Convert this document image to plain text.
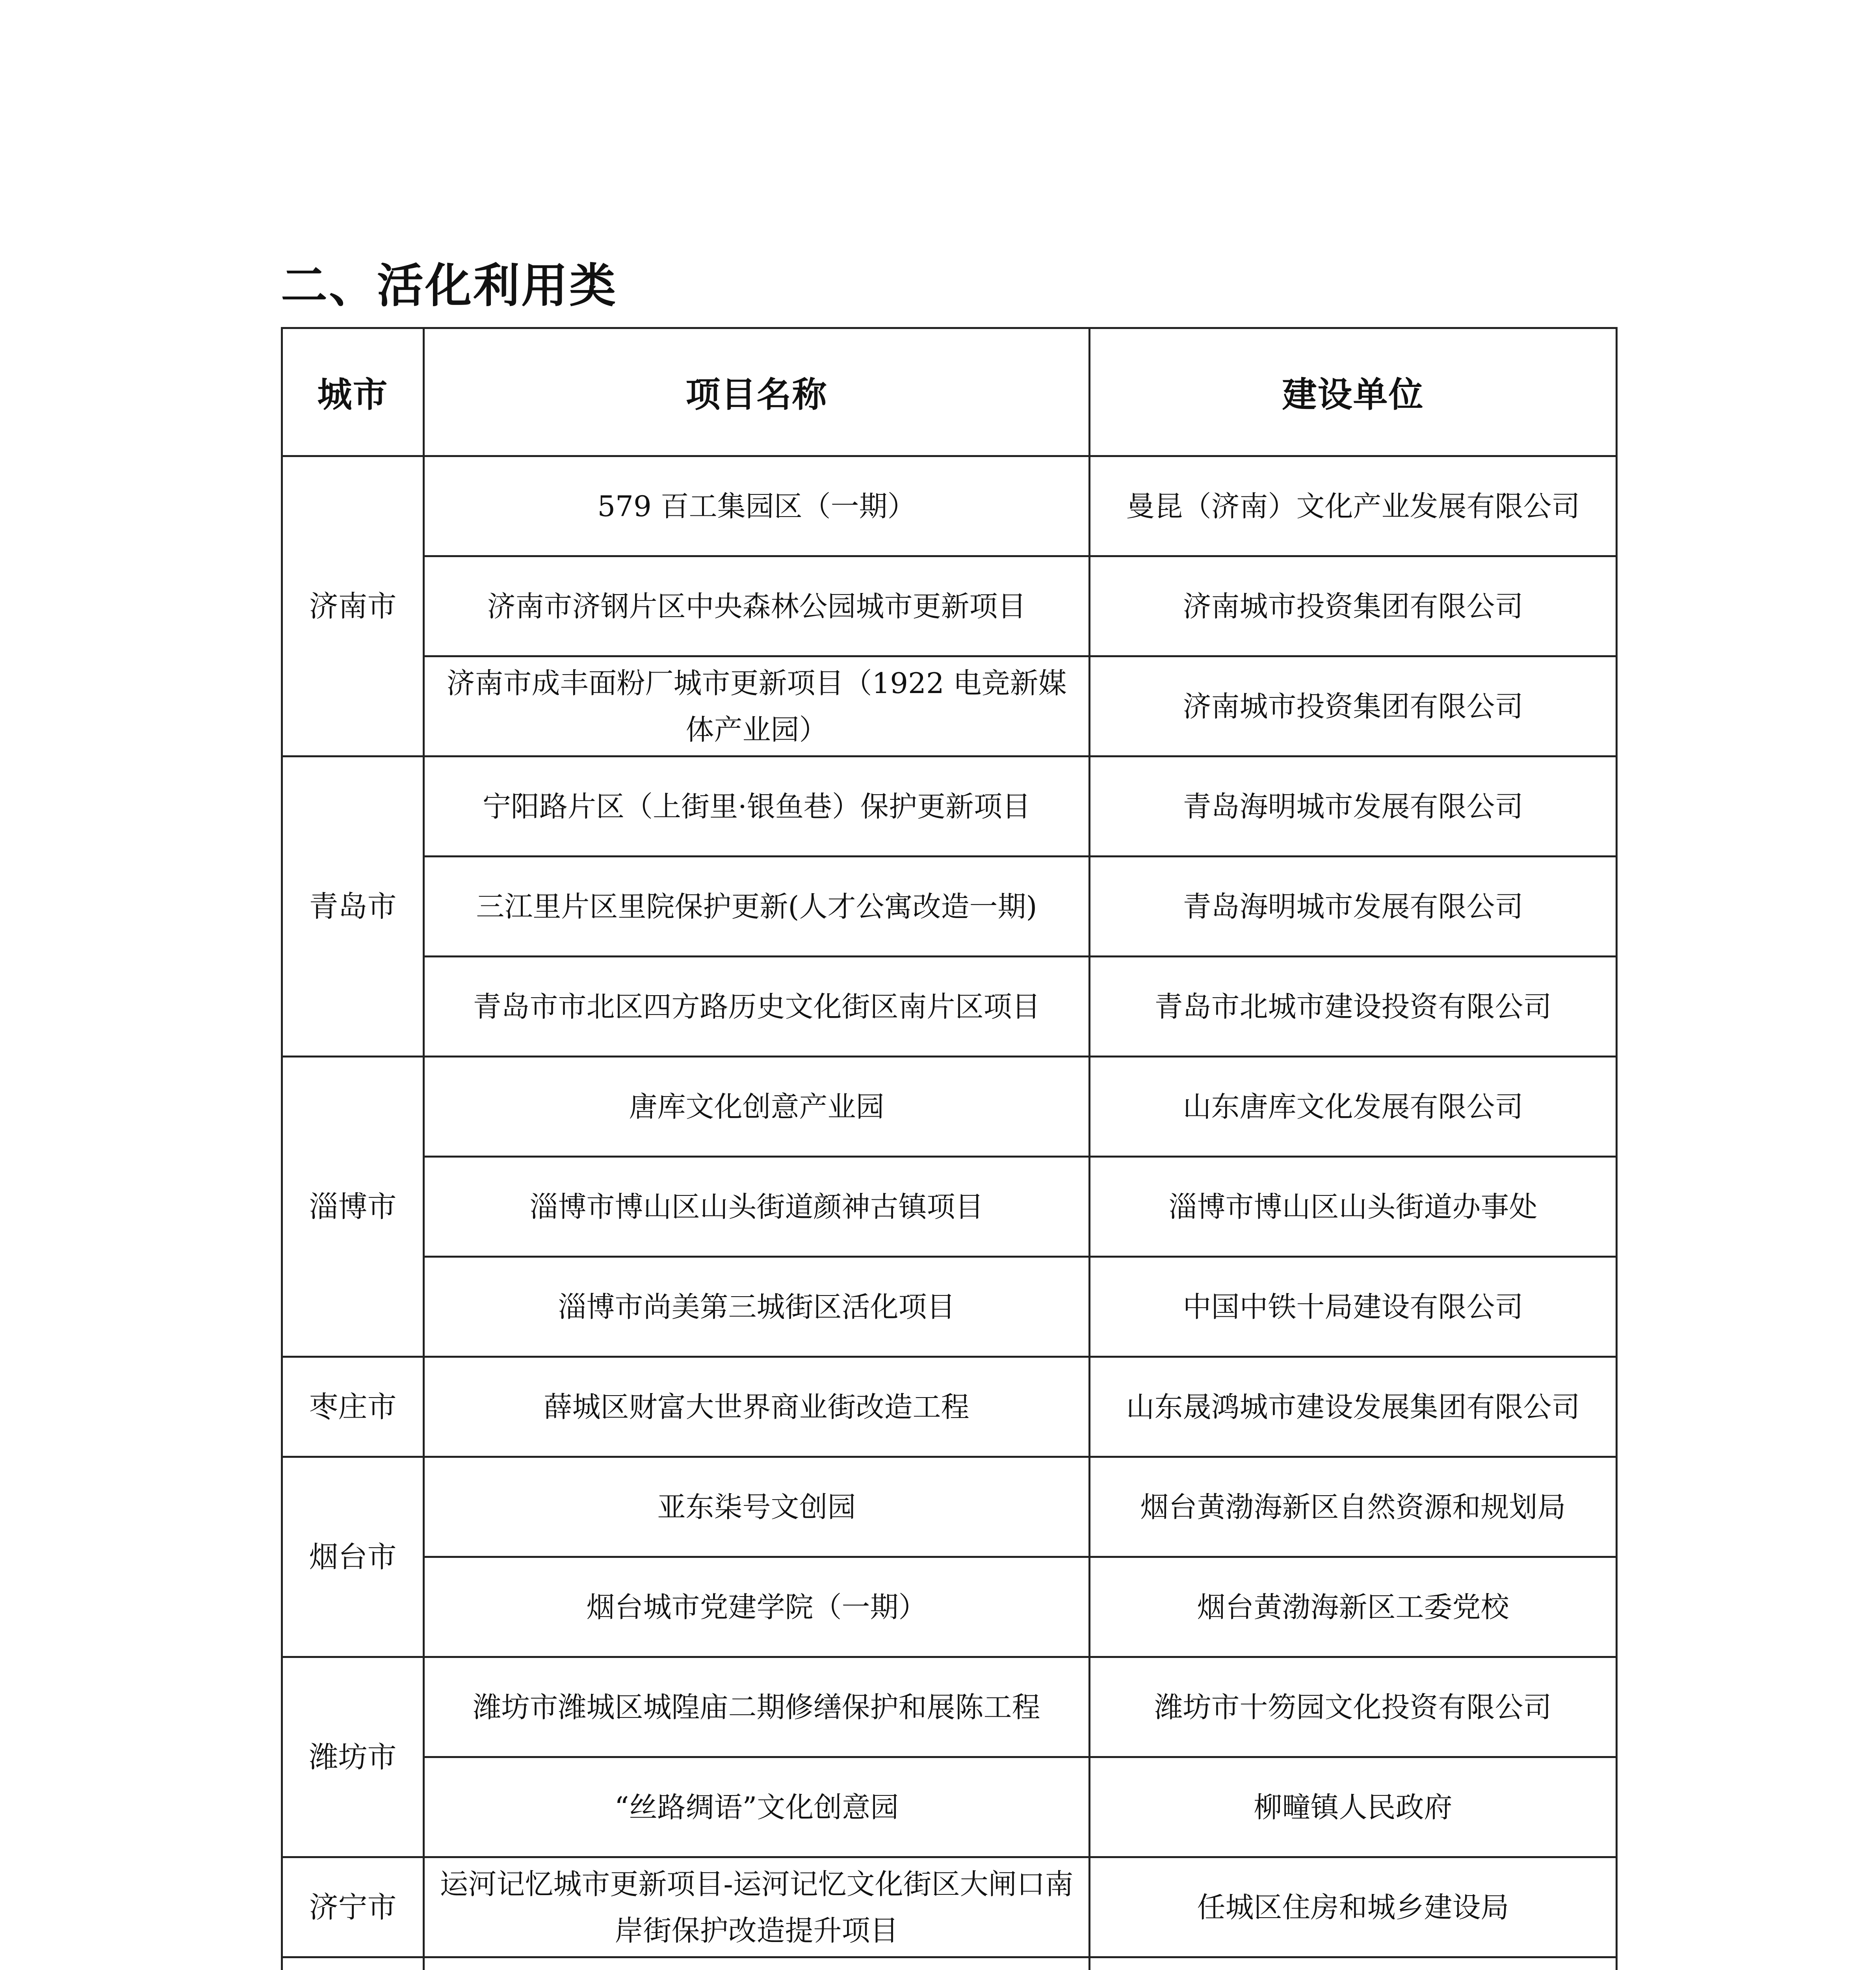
二、活化利用类
城市	项目名称	建设单位
济南市	579 百工集园区（一期）	曼昆（济南）文化产业发展有限公司
	济南市济钢片区中央森林公园城市更新项目	济南城市投资集团有限公司
	济南市成丰面粉厂城市更新项目（1922 电竞新媒体产业园）	济南城市投资集团有限公司
青岛市	宁阳路片区（上街里·银鱼巷）保护更新项目	青岛海明城市发展有限公司
	三江里片区里院保护更新(人才公寓改造一期)	青岛海明城市发展有限公司
	青岛市市北区四方路历史文化街区南片区项目	青岛市北城市建设投资有限公司
淄博市	唐库文化创意产业园	山东唐库文化发展有限公司
	淄博市博山区山头街道颜神古镇项目	淄博市博山区山头街道办事处
	淄博市尚美第三城街区活化项目	中国中铁十局建设有限公司
枣庄市	薛城区财富大世界商业街改造工程	山东晟鸿城市建设发展集团有限公司
烟台市	亚东柒号文创园	烟台黄渤海新区自然资源和规划局
	烟台城市党建学院（一期）	烟台黄渤海新区工委党校
潍坊市	潍坊市潍城区城隍庙二期修缮保护和展陈工程	潍坊市十笏园文化投资有限公司
	“丝路绸语”文化创意园	柳疃镇人民政府
济宁市	运河记忆城市更新项目-运河记忆文化街区大闸口南岸街保护改造提升项目	任城区住房和城乡建设局
